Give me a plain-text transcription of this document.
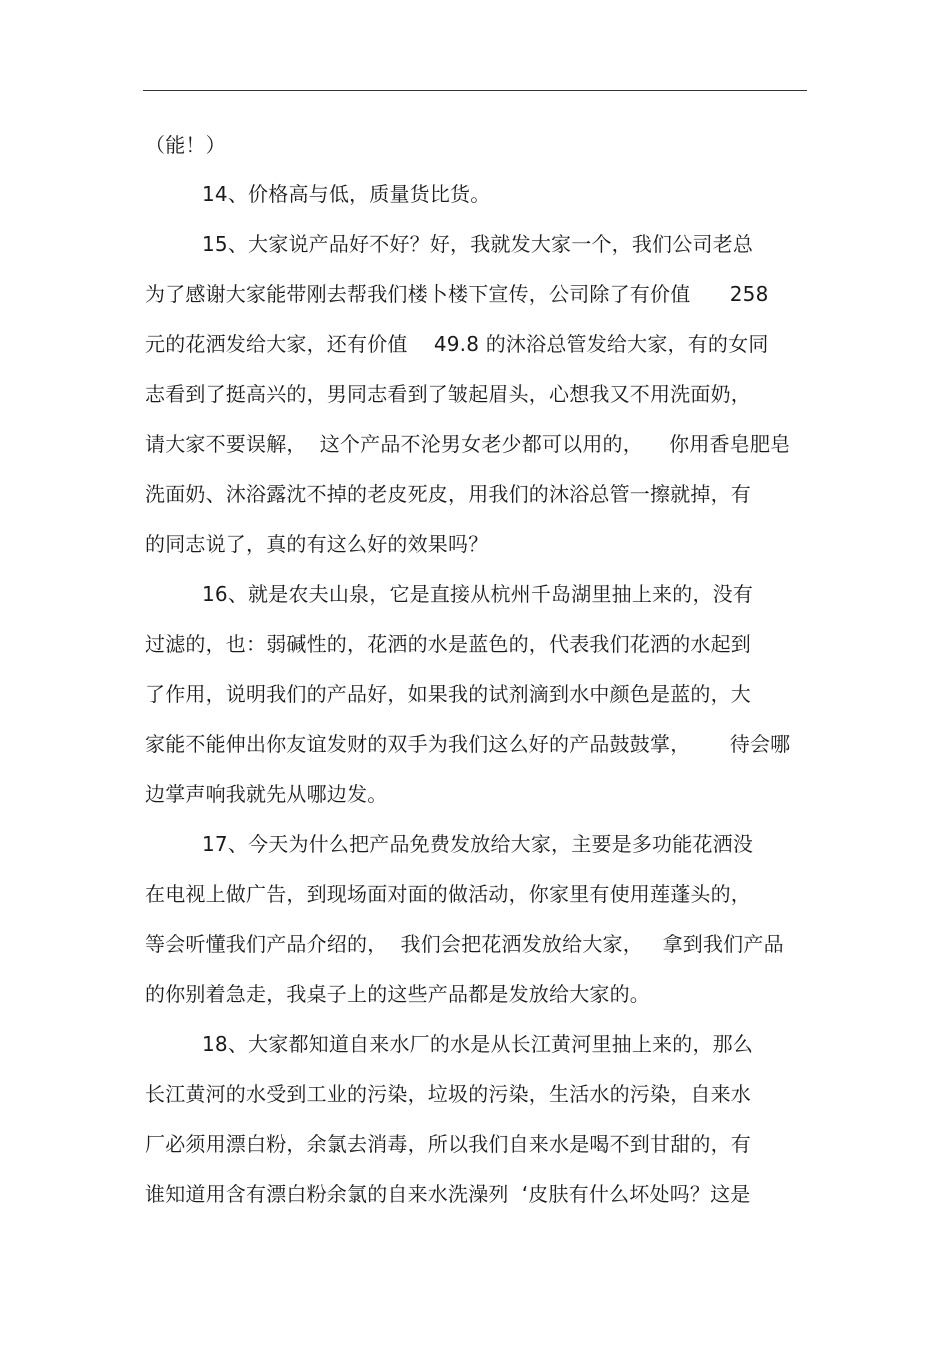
（能！）
14、价格高与低，质量货比货。
15、大家说产品好不好？好，我就发大家一个，我们公司老总
为了感谢大家能带刚去帮我们楼卜楼下宣传，公司除了有价值      258
元的花洒发给大家，还有价值    49.8 的沐浴总管发给大家，有的女同
志看到了挺高兴的，男同志看到了皱起眉头，心想我又不用洗面奶，
请大家不要误解，  这个产品不沦男女老少都可以用的，    你用香皂肥皂
洗面奶、沐浴露沈不掉的老皮死皮，用我们的沐浴总管一擦就掉，有
的同志说了，真的有这么好的效果吗？
16、就是农夫山泉，它是直接从杭州千岛湖里抽上来的，没有
过滤的，也：弱碱性的，花洒的水是蓝色的，代表我们花洒的水起到
了作用，说明我们的产品好，如果我的试剂滴到水中颜色是蓝的，大
家能不能伸出你友谊发财的双手为我们这么好的产品鼓鼓掌，      待会哪
边掌声响我就先从哪边发。
17、今天为什么把产品免费发放给大家，主要是多功能花洒没
在电视上做广告，到现场面对面的做活动，你家里有使用莲蓬头的，
等会听懂我们产品介绍的，  我们会把花洒发放给大家，   拿到我们产品
的你别着急走，我桌子上的这些产品都是发放给大家的。
18、大家都知道自来水厂的水是从长江黄河里抽上来的，那么
长江黄河的水受到工业的污染，垃圾的污染，生活水的污染，自来水
厂必须用漂白粉，余氯去消毒，所以我们自来水是喝不到甘甜的，有
谁知道用含有漂白粉余氯的自来水洗澡列  ‘皮肤有什么坏处吗？这是
